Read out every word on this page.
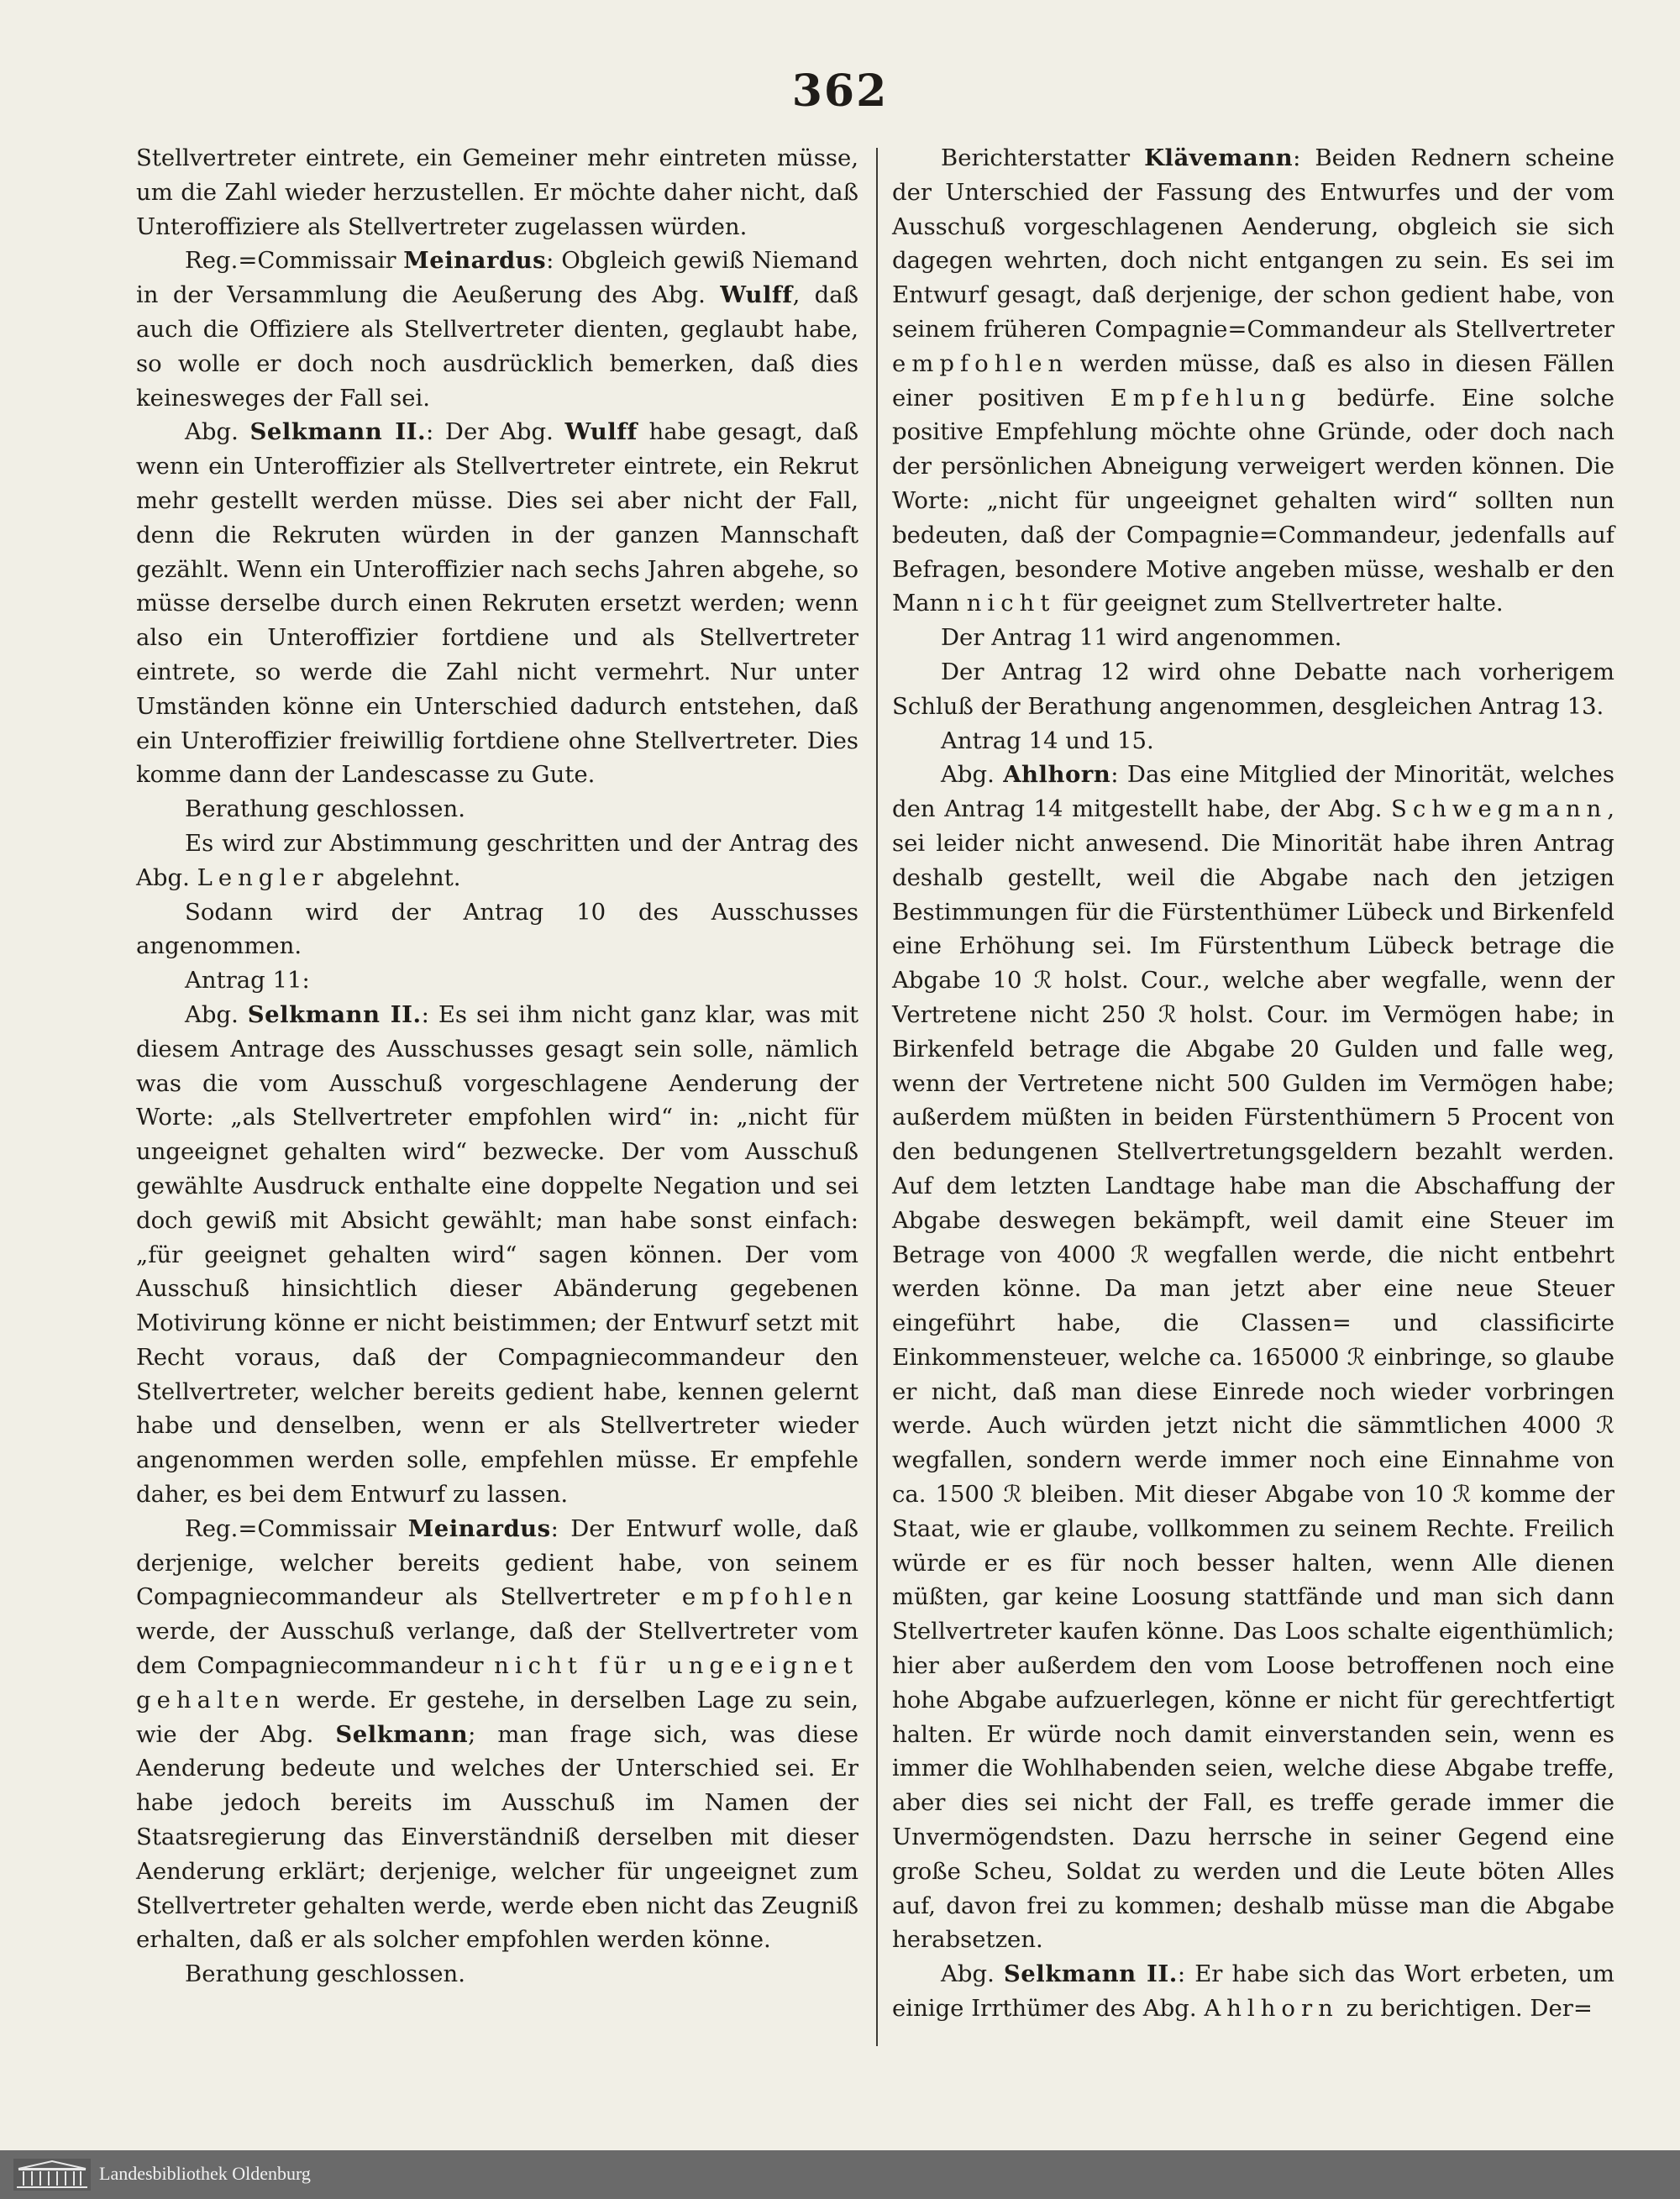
362

Stellvertreter eintrete, ein Gemeiner mehr eintreten müsse, um die Zahl wieder herzustellen. Er möchte daher nicht, daß Unteroffiziere als Stellvertreter zugelassen würden.

Reg.=Commissair Meinardus: Obgleich gewiß Niemand in der Versammlung die Aeußerung des Abg. Wulff, daß auch die Offiziere als Stellvertreter dienten, geglaubt habe, so wolle er doch noch ausdrücklich bemerken, daß dies keinesweges der Fall sei.

Abg. Selkmann II.: Der Abg. Wulff habe gesagt, daß wenn ein Unteroffizier als Stellvertreter eintrete, ein Rekrut mehr gestellt werden müsse. Dies sei aber nicht der Fall, denn die Rekruten würden in der ganzen Mannschaft gezählt. Wenn ein Unteroffizier nach sechs Jahren abgehe, so müsse derselbe durch einen Rekruten ersetzt werden; wenn also ein Unteroffizier fortdiene und als Stellvertreter eintrete, so werde die Zahl nicht vermehrt. Nur unter Umständen könne ein Unterschied dadurch entstehen, daß ein Unteroffizier freiwillig fortdiene ohne Stellvertreter. Dies komme dann der Landescasse zu Gute.

Berathung geschlossen.

Es wird zur Abstimmung geschritten und der Antrag des Abg. Lengler abgelehnt.

Sodann wird der Antrag 10 des Ausschusses angenommen.

Antrag 11:

Abg. Selkmann II.: Es sei ihm nicht ganz klar, was mit diesem Antrage des Ausschusses gesagt sein solle, nämlich was die vom Ausschuß vorgeschlagene Aenderung der Worte: „als Stellvertreter empfohlen wird“ in: „nicht für ungeeignet gehalten wird“ bezwecke. Der vom Ausschuß gewählte Ausdruck enthalte eine doppelte Negation und sei doch gewiß mit Absicht gewählt; man habe sonst einfach: „für geeignet gehalten wird“ sagen können. Der vom Ausschuß hinsichtlich dieser Abänderung gegebenen Motivirung könne er nicht beistimmen; der Entwurf setzt mit Recht voraus, daß der Compagniecommandeur den Stellvertreter, welcher bereits gedient habe, kennen gelernt habe und denselben, wenn er als Stellvertreter wieder angenommen werden solle, empfehlen müsse. Er empfehle daher, es bei dem Entwurf zu lassen.

Reg.=Commissair Meinardus: Der Entwurf wolle, daß derjenige, welcher bereits gedient habe, von seinem Compagniecommandeur als Stellvertreter empfohlen werde, der Ausschuß verlange, daß der Stellvertreter vom dem Compagniecommandeur nicht für ungeeignet gehalten werde. Er gestehe, in derselben Lage zu sein, wie der Abg. Selkmann; man frage sich, was diese Aenderung bedeute und welches der Unterschied sei. Er habe jedoch bereits im Ausschuß im Namen der Staatsregierung das Einverständniß derselben mit dieser Aenderung erklärt; derjenige, welcher für ungeeignet zum Stellvertreter gehalten werde, werde eben nicht das Zeugniß erhalten, daß er als solcher empfohlen werden könne.

Berathung geschlossen.

Berichterstatter Klävemann: Beiden Rednern scheine der Unterschied der Fassung des Entwurfes und der vom Ausschuß vorgeschlagenen Aenderung, obgleich sie sich dagegen wehrten, doch nicht entgangen zu sein. Es sei im Entwurf gesagt, daß derjenige, der schon gedient habe, von seinem früheren Compagnie=Commandeur als Stellvertreter empfohlen werden müsse, daß es also in diesen Fällen einer positiven Empfehlung bedürfe. Eine solche positive Empfehlung möchte ohne Gründe, oder doch nach der persönlichen Abneigung verweigert werden können. Die Worte: „nicht für ungeeignet gehalten wird“ sollten nun bedeuten, daß der Compagnie=Commandeur, jedenfalls auf Befragen, besondere Motive angeben müsse, weshalb er den Mann nicht für geeignet zum Stellvertreter halte.

Der Antrag 11 wird angenommen.

Der Antrag 12 wird ohne Debatte nach vorherigem Schluß der Berathung angenommen, desgleichen Antrag 13.

Antrag 14 und 15.

Abg. Ahlhorn: Das eine Mitglied der Minorität, welches den Antrag 14 mitgestellt habe, der Abg. Schwegmann, sei leider nicht anwesend. Die Minorität habe ihren Antrag deshalb gestellt, weil die Abgabe nach den jetzigen Bestimmungen für die Fürstenthümer Lübeck und Birkenfeld eine Erhöhung sei. Im Fürstenthum Lübeck betrage die Abgabe 10 ℛ holst. Cour., welche aber wegfalle, wenn der Vertretene nicht 250 ℛ holst. Cour. im Vermögen habe; in Birkenfeld betrage die Abgabe 20 Gulden und falle weg, wenn der Vertretene nicht 500 Gulden im Vermögen habe; außerdem müßten in beiden Fürstenthümern 5 Procent von den bedungenen Stellvertretungsgeldern bezahlt werden. Auf dem letzten Landtage habe man die Abschaffung der Abgabe deswegen bekämpft, weil damit eine Steuer im Betrage von 4000 ℛ wegfallen werde, die nicht entbehrt werden könne. Da man jetzt aber eine neue Steuer eingeführt habe, die Classen= und classificirte Einkommensteuer, welche ca. 165000 ℛ einbringe, so glaube er nicht, daß man diese Einrede noch wieder vorbringen werde. Auch würden jetzt nicht die sämmtlichen 4000 ℛ wegfallen, sondern werde immer noch eine Einnahme von ca. 1500 ℛ bleiben. Mit dieser Abgabe von 10 ℛ komme der Staat, wie er glaube, vollkommen zu seinem Rechte. Freilich würde er es für noch besser halten, wenn Alle dienen müßten, gar keine Loosung stattfände und man sich dann Stellvertreter kaufen könne. Das Loos schalte eigenthümlich; hier aber außerdem den vom Loose betroffenen noch eine hohe Abgabe aufzuerlegen, könne er nicht für gerechtfertigt halten. Er würde noch damit einverstanden sein, wenn es immer die Wohlhabenden seien, welche diese Abgabe treffe, aber dies sei nicht der Fall, es treffe gerade immer die Unvermögendsten. Dazu herrsche in seiner Gegend eine große Scheu, Soldat zu werden und die Leute böten Alles auf, davon frei zu kommen; deshalb müsse man die Abgabe herabsetzen.

Abg. Selkmann II.: Er habe sich das Wort erbeten, um einige Irrthümer des Abg. Ahlhorn zu berichtigen. Der=

Landesbibliothek Oldenburg
